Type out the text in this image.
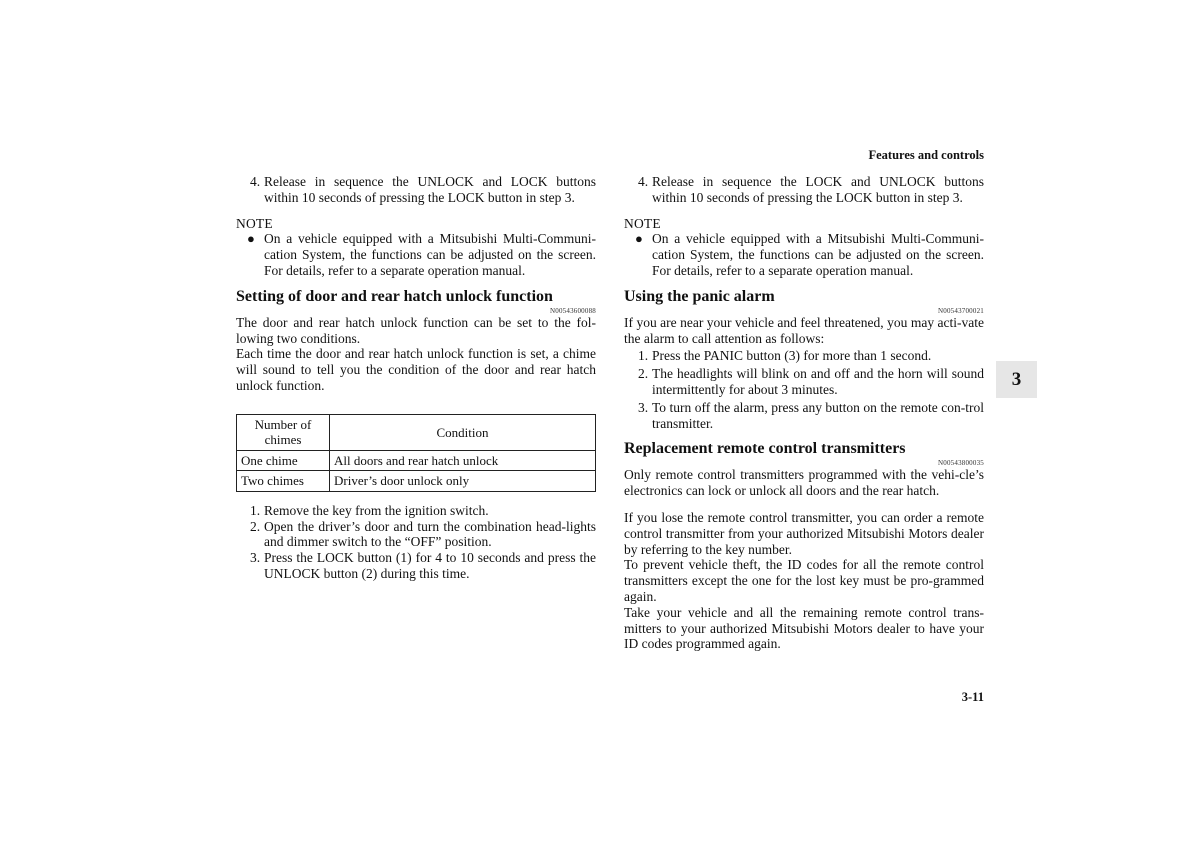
Features and controls
4. Release in sequence the UNLOCK and LOCK buttons within 10 seconds of pressing the LOCK button in step 3.
NOTE
● On a vehicle equipped with a Mitsubishi Multi-Communi-cation System, the functions can be adjusted on the screen. For details, refer to a separate operation manual.
Setting of door and rear hatch unlock function
N00543600088

The door and rear hatch unlock function can be set to the fol-lowing two conditions.

Each time the door and rear hatch unlock function is set, a chime will sound to tell you the condition of the door and rear hatch unlock function.

Number of chimes	Condition
One chime	All doors and rear hatch unlock
Two chimes	Driver’s door unlock only
1. Remove the key from the ignition switch.
2. Open the driver’s door and turn the combination head-lights and dimmer switch to the “OFF” position.
3. Press the LOCK button (1) for 4 to 10 seconds and press the UNLOCK button (2) during this time.
4. Release in sequence the LOCK and UNLOCK buttons within 10 seconds of pressing the LOCK button in step 3.
NOTE
● On a vehicle equipped with a Mitsubishi Multi-Communi-cation System, the functions can be adjusted on the screen. For details, refer to a separate operation manual.
Using the panic alarm
N00543700021

If you are near your vehicle and feel threatened, you may acti-vate the alarm to call attention as follows:

1. Press the PANIC button (3) for more than 1 second.
2. The headlights will blink on and off and the horn will sound intermittently for about 3 minutes.
3. To turn off the alarm, press any button on the remote con-trol transmitter.
Replacement remote control transmitters
N00543800035

Only remote control transmitters programmed with the vehi-cle’s electronics can lock or unlock all doors and the rear hatch.

If you lose the remote control transmitter, you can order a remote control transmitter from your authorized Mitsubishi Motors dealer by referring to the key number.

To prevent vehicle theft, the ID codes for all the remote control transmitters except the one for the lost key must be pro-grammed again.

Take your vehicle and all the remaining remote control trans-mitters to your authorized Mitsubishi Motors dealer to have your ID codes programmed again.

3
3-11
